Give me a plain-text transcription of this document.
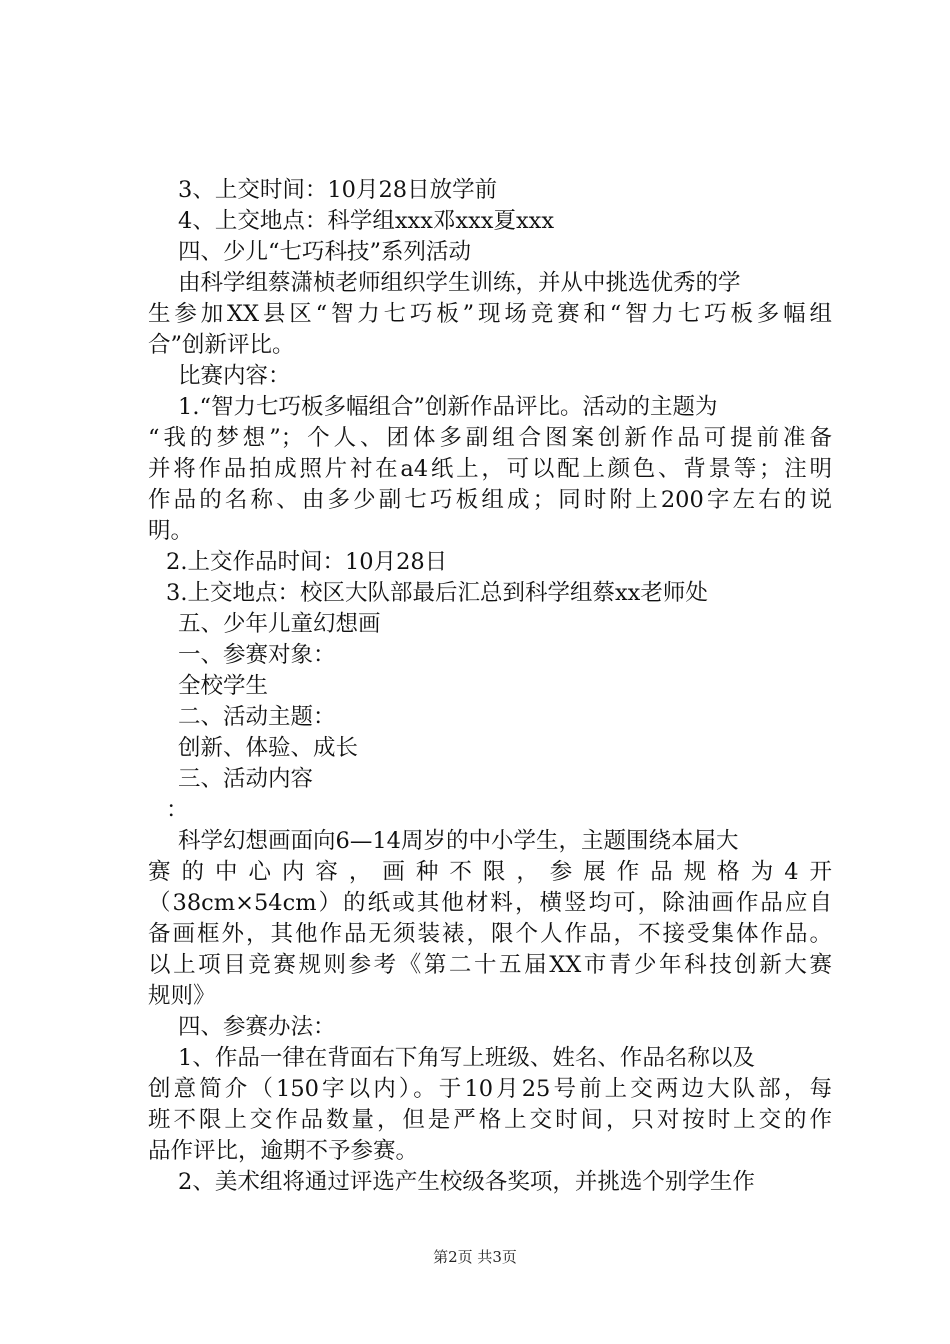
3、上交时间：10月28日放学前
4、上交地点：科学组xxx邓xxx夏xxx
四、少儿“七巧科技”系列活动
由科学组蔡潇桢老师组织学生训练，并从中挑选优秀的学
生参加XX县区“智力七巧板”现场竞赛和“智力七巧板多幅组
合”创新评比。
比赛内容：
1.“智力七巧板多幅组合”创新作品评比。活动的主题为
“我的梦想”；个人、团体多副组合图案创新作品可提前准备
并将作品拍成照片衬在a4纸上，可以配上颜色、背景等；注明
作品的名称、由多少副七巧板组成；同时附上200字左右的说
明。
2.上交作品时间：10月28日
3.上交地点：校区大队部最后汇总到科学组蔡xx老师处
五、少年儿童幻想画
一、参赛对象：
全校学生
二、活动主题：
创新、体验、成长
三、活动内容
：
科学幻想画面向6—14周岁的中小学生，主题围绕本届大
赛的中心内容，画种不限，参展作品规格为4开
（38cm×54cm）的纸或其他材料，横竖均可，除油画作品应自
备画框外，其他作品无须装裱，限个人作品，不接受集体作品。
以上项目竞赛规则参考《第二十五届XX市青少年科技创新大赛
规则》
四、参赛办法：
1、作品一律在背面右下角写上班级、姓名、作品名称以及
创意简介（150字以内）。于10月25号前上交两边大队部，每
班不限上交作品数量，但是严格上交时间，只对按时上交的作
品作评比，逾期不予参赛。
2、美术组将通过评选产生校级各奖项，并挑选个别学生作
第2页 共3页
